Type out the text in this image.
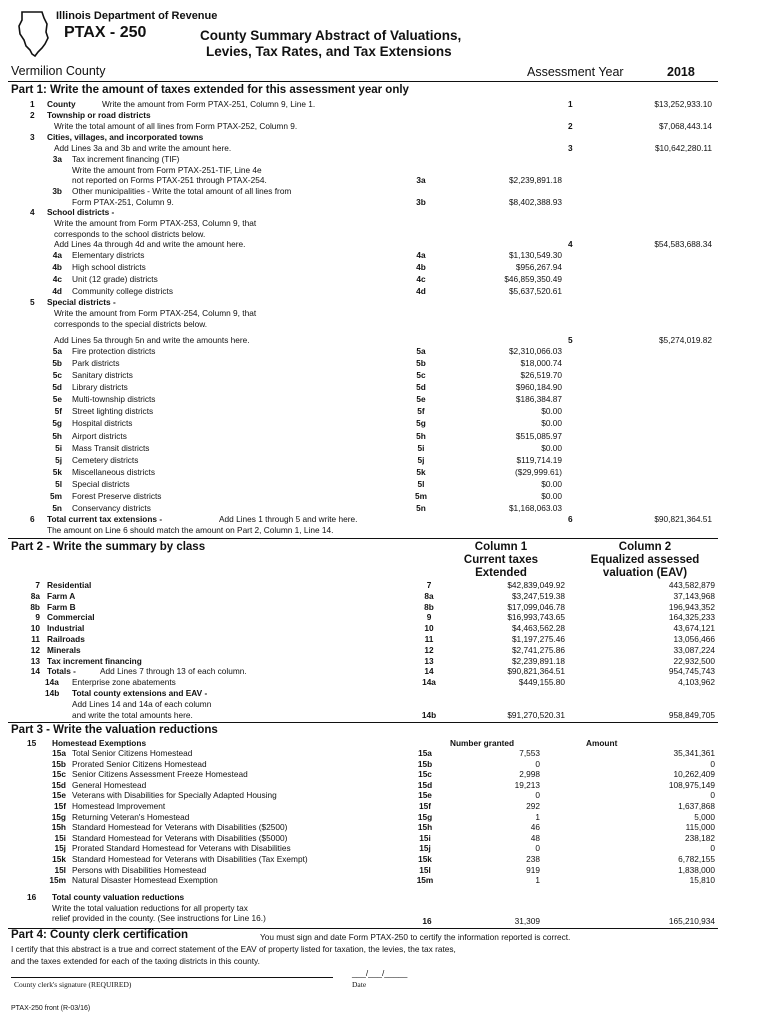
Illinois Department of Revenue
PTAX - 250	County Summary Abstract of Valuations,
Levies, Tax Rates, and Tax Extensions
Vermilion County	Assessment Year	2018
Part 1: Write the amount of taxes extended for this assessment year only
1 County	Write the amount from Form PTAX-251, Column 9, Line 1.	1	$13,252,933.10
2 Township or road districts
Write the total amount of all lines from Form PTAX-252, Column 9.	2	$7,068,443.14
3 Cities, villages, and incorporated towns
Add Lines 3a and 3b and write the amount here.	3	$10,642,280.11
3a Tax increment financing (TIF)
Write the amount from Form PTAX-251-TIF, Line 4e
not reported on Forms PTAX-251 through PTAX-254.	3a	$2,239,891.18
3b Other municipalities - Write the total amount of all lines from
Form PTAX-251, Column 9.	3b	$8,402,388.93
4 School districts -
Write the amount from Form PTAX-253, Column 9, that
corresponds to the school districts below.
Add Lines 4a through 4d and write the amount here.	4	$54,583,688.34
4a Elementary districts	4a	$1,130,549.30
4b High school districts	4b	$956,267.94
4c Unit (12 grade) districts	4c	$46,859,350.49
4d Community college districts	4d	$5,637,520.61
5 Special districts -
Write the amount from Form PTAX-254, Column 9, that
corresponds to the special districts below.
Add Lines 5a through 5n and write the amounts here.	5	$5,274,019.82
5a Fire protection districts	5a	$2,310,066.03
5b Park districts	5b	$18,000.74
5c Sanitary districts	5c	$26,519.70
5d Library districts	5d	$960,184.90
5e Multi-township districts	5e	$186,384.87
5f Street lighting districts	5f	$0.00
5g Hospital districts	5g	$0.00
5h Airport districts	5h	$515,085.97
5i Mass Transit districts	5i	$0.00
5j Cemetery districts	5j	$119,714.19
5k Miscellaneous districts	5k	($29,999.61)
5l Special districts	5l	$0.00
5m Forest Preserve districts	5m	$0.00
5n Conservancy districts	5n	$1,168,063.03
6 Total current tax extensions -	Add Lines 1 through 5 and write here.	6	$90,821,364.51
The amount on Line 6 should match the amount on Part 2, Column 1, Line 14.
Part 2 - Write the summary by class	Column 1
Current taxes
Extended
Column 2
Equalized assessed
valuation (EAV)
7 Residential	7	$42,839,049.92	443,582,879
8a Farm A	8a	$3,247,519.38	37,143,968
8b Farm B	8b	$17,099,046.78	196,943,352
9 Commercial	9	$16,993,743.65	164,325,233
10 Industrial	10	$4,463,562.28	43,674,121
11 Railroads	11	$1,197,275.46	13,056,466
12 Minerals	12	$2,741,275.86	33,087,224
13 Tax increment financing	13	$2,239,891.18	22,932,500
14 Totals -	Add Lines 7 through 13 of each column.	14	$90,821,364.51	954,745,743
14a Enterprise zone abatements	14a	$449,155.80	4,103,962
14b Total county extensions and EAV -
Add Lines 14 and 14a of each column
and write the total amounts here.	14b	$91,270,520.31	958,849,705
Part 3 - Write the valuation reductions
15 Homestead Exemptions	Number granted	Amount
15a Total Senior Citizens Homestead	15a	7,553	35,341,361
15b Prorated Senior Citizens Homestead	15b	0	0
15c Senior Citizens Assessment Freeze Homestead	15c	2,998	10,262,409
15d General Homestead	15d	19,213	108,975,149
15e Veterans with Disabilities for Specially Adapted Housing	15e	0	0
15f Homestead Improvement	15f	292	1,637,868
15g Returning Veteran's Homestead	15g	1	5,000
15h Standard Homestead for Veterans with Disabilities ($2500)	15h	46	115,000
15i Standard Homestead for Veterans with Disabilities ($5000)	15i	48	238,182
15j Prorated Standard Homestead for Veterans with Disabilities	15j	0	0
15k Standard Homestead for Veterans with Disabilities (Tax Exempt)	15k	238	6,782,155
15l Persons with Disabilities Homestead	15l	919	1,838,000
15m Natural Disaster Homestead Exemption	15m	1	15,810
16 Total county valuation reductions
Write the total valuation reductions for all property tax
relief provided in the county. (See instructions for Line 16.)	16	31,309	165,210,934
Part 4: County clerk certification	You must sign and date Form PTAX-250 to certify the information reported is correct.
I certify that this abstract is a true and correct statement of the EAV of property listed for taxation, the levies, the tax rates,
and the taxes extended for each of the taxing districts in this county.
___/___/_____
County clerk's signature (REQUIRED)	Date
PTAX-250 front (R-03/16)
